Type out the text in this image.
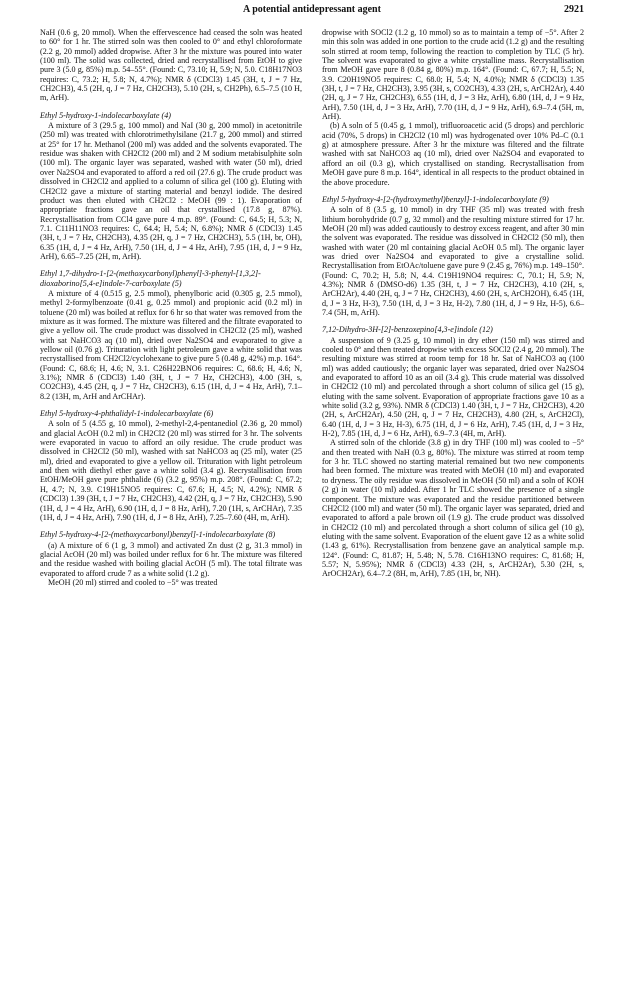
A potential antidepressant agent	2921
NaH (0.6 g, 20 mmol). When the effervescence had ceased the soln was heated to 60° for 1 hr. The stirred soln was then cooled to 0° and ethyl chloroformate (2.2 g, 20 mmol) added dropwise. After 3 hr the mixture was poured into water (100 ml). The solid was collected, dried and recrystallised from EtOH to give pure 3 (5.0 g, 85%) m.p. 54–55°. (Found: C, 73.10; H, 5.9; N, 5.0. C18H17NO3 requires: C, 73.2; H, 5.8; N, 4.7%); NMR δ (CDCl3) 1.45 (3H, t, J = 7 Hz, CH2CH3), 4.5 (2H, q, J = 7 Hz, CH2CH3), 5.10 (2H, s, CH2Ph), 6.5–7.5 (10 H, m, ArH).
Ethyl 5-hydroxy-1-indolecarboxylate (4)
A mixture of 3 (29.5 g, 100 mmol) and NaI (30 g, 200 mmol) in acetonitrile (250 ml) was treated with chlorotrimethylsilane (21.7 g, 200 mmol) and stirred at 25° for 17 hr. Methanol (200 ml) was added and the solvents evaporated. The residue was shaken with CH2Cl2 (200 ml) and 2 M sodium metabisulphite soln (100 ml). The organic layer was separated, washed with water (50 ml), dried over Na2SO4 and evaporated to afford a red oil (27.6 g). The crude product was dissolved in CH2Cl2 and applied to a column of silica gel (100 g). Eluting with CH2Cl2 gave a mixture of starting material and benzyl iodide. The desired product was then eluted with CH2Cl2 : MeOH (99 : 1). Evaporation of appropriate fractions gave an oil that crystallised (17.8 g, 87%). Recrystallisation from CCl4 gave pure 4 m.p. 89°. (Found: C, 64.5; H, 5.3; N, 7.1. C11H11NO3 requires: C, 64.4; H, 5.4; N, 6.8%); NMR δ (CDCl3) 1.45 (3H, t, J = 7 Hz, CH2CH3), 4.35 (2H, q, J = 7 Hz, CH2CH3), 5.5 (1H, br, OH), 6.35 (1H, d, J = 4 Hz, ArH), 7.50 (1H, d, J = 4 Hz, ArH), 7.95 (1H, d, J = 9 Hz, ArH), 6.65–7.25 (2H, m, ArH).
Ethyl 1,7-dihydro-1-[2-(methoxycarbonyl)phenyl]-3-phenyl-[1,3,2]-dioxaborino[5,4-e]indole-7-carboxylate (5)
A mixture of 4 (0.515 g, 2.5 mmol), phenylboric acid (0.305 g, 2.5 mmol), methyl 2-formylbenzoate (0.41 g, 0.25 mmol) and propionic acid (0.2 ml) in toluene (20 ml) was boiled at reflux for 6 hr so that water was removed from the mixture as it was formed. The mixture was filtered and the filtrate evaporated to give a yellow oil. The crude product was dissolved in CH2Cl2 (25 ml), washed with sat NaHCO3 aq (10 ml), dried over Na2SO4 and evaporated to give a yellow oil (0.76 g). Trituration with light petroleum gave a white solid that was recrystallised from CH2Cl2/cyclohexane to give pure 5 (0.48 g, 42%) m.p. 164°. (Found: C, 68.6; H, 4.6; N, 3.1. C26H22BNO6 requires: C, 68.6; H, 4.6; N, 3.1%); NMR δ (CDCl3) 1.40 (3H, t, J = 7 Hz, CH2CH3), 4.00 (3H, s, CO2CH3), 4.45 (2H, q, J = 7 Hz, CH2CH3), 6.15 (1H, d, J = 4 Hz, ArH), 7.1–8.2 (13H, m, ArH and ArCHAr).
Ethyl 5-hydroxy-4-phthalidyl-1-indolecarboxylate (6)
A soln of 5 (4.55 g, 10 mmol), 2-methyl-2,4-pentanediol (2.36 g, 20 mmol) and glacial AcOH (0.2 ml) in CH2Cl2 (20 ml) was stirred for 3 hr. The solvents were evaporated in vacuo to afford an oily residue. The crude product was dissolved in CH2Cl2 (50 ml), washed with sat NaHCO3 aq (25 ml), water (25 ml), dried and evaporated to give a yellow oil. Trituration with light petroleum and then with diethyl ether gave a white solid (3.4 g). Recrystallisation from EtOH/MeOH gave pure phthalide (6) (3.2 g, 95%) m.p. 208°. (Found: C, 67.2; H, 4.7; N, 3.9. C19H15NO5 requires: C, 67.6; H, 4.5; N, 4.2%); NMR δ (CDCl3) 1.39 (3H, t, J = 7 Hz, CH2CH3), 4.42 (2H, q, J = 7 Hz, CH2CH3), 5.90 (1H, d, J = 4 Hz, ArH), 6.90 (1H, d, J = 8 Hz, ArH), 7.20 (1H, s, ArCHAr), 7.35 (1H, d, J = 4 Hz, ArH), 7.90 (1H, d, J = 8 Hz, ArH), 7.25–7.60 (4H, m, ArH).
Ethyl 5-hydroxy-4-[2-(methoxycarbonyl)benzyl]-1-indolecarboxylate (8)
(a) A mixture of 6 (1 g, 3 mmol) and activated Zn dust (2 g, 31.3 mmol) in glacial AcOH (20 ml) was boiled under reflux for 6 hr. The mixture was filtered and the residue washed with boiling glacial AcOH (5 ml). The total filtrate was evaporated to afford crude 7 as a white solid (1.2 g).
MeOH (20 ml) stirred and cooled to −5° was treated
dropwise with SOCl2 (1.2 g, 10 mmol) so as to maintain a temp of −5°. After 2 min this soln was added in one portion to the crude acid (1.2 g) and the resulting soln stirred at room temp, following the reaction to completion by TLC (5 hr). The solvent was evaporated to give a white crystalline mass. Recrystallisation from MeOH gave pure 8 (0.84 g, 80%) m.p. 164°. (Found: C, 67.7; H, 5.5; N, 3.9. C20H19NO5 requires: C, 68.0; H, 5.4; N, 4.0%); NMR δ (CDCl3) 1.35 (3H, t, J = 7 Hz, CH2CH3), 3.95 (3H, s, CO2CH3), 4.33 (2H, s, ArCH2Ar), 4.40 (2H, q, J = 7 Hz, CH2CH3), 6.55 (1H, d, J = 3 Hz, ArH), 6.80 (1H, d, J = 9 Hz, ArH), 7.50 (1H, d, J = 3 Hz, ArH), 7.70 (1H, d, J = 9 Hz, ArH), 6.9–7.4 (5H, m, ArH).
(b) A soln of 5 (0.45 g, 1 mmol), trifluoroacetic acid (5 drops) and perchloric acid (70%, 5 drops) in CH2Cl2 (10 ml) was hydrogenated over 10% Pd–C (0.1 g) at atmosphere pressure. After 3 hr the mixture was filtered and the filtrate washed with sat NaHCO3 aq (10 ml), dried over Na2SO4 and evaporated to afford an oil (0.3 g), which crystallised on standing. Recrystallisation from MeOH gave pure 8 m.p. 164°, identical in all respects to the product obtained in the above procedure.
Ethyl 5-hydroxy-4-[2-(hydroxymethyl)benzyl]-1-indolecarboxylate (9)
A soln of 8 (3.5 g, 10 mmol) in dry THF (35 ml) was treated with fresh lithium borohydride (0.7 g, 32 mmol) and the resulting mixture stirred for 17 hr. MeOH (20 ml) was added cautiously to destroy excess reagent, and after 30 min the solvent was evaporated. The residue was dissolved in CH2Cl2 (50 ml), then washed with water (20 ml containing glacial AcOH 0.5 ml). The organic layer was dried over Na2SO4 and evaporated to give a crystalline solid. Recrystallisation from EtOAc/toluene gave pure 9 (2.45 g, 76%) m.p. 149–150°. (Found: C, 70.2; H, 5.8; N, 4.4. C19H19NO4 requires: C, 70.1; H, 5.9; N, 4.3%); NMR δ (DMSO-d6) 1.35 (3H, t, J = 7 Hz, CH2CH3), 4.10 (2H, s, ArCH2Ar), 4.40 (2H, q, J = 7 Hz, CH2CH3), 4.60 (2H, s, ArCH2OH), 6.45 (1H, d, J = 3 Hz, H-3), 7.50 (1H, d, J = 3 Hz, H-2), 7.80 (1H, d, J = 9 Hz, H-5), 6.6–7.4 (5H, m, ArH).
7,12-Dihydro-3H-[2]-benzoxepino[4,3-e]indole (12)
A suspension of 9 (3.25 g, 10 mmol) in dry ether (150 ml) was stirred and cooled to 0° and then treated dropwise with excess SOCl2 (2.4 g, 20 mmol). The resulting mixture was stirred at room temp for 18 hr. Sat of NaHCO3 aq (100 ml) was added cautiously; the organic layer was separated, dried over Na2SO4 and evaporated to afford 10 as an oil (3.4 g). This crude material was dissolved in CH2Cl2 (10 ml) and percolated through a short column of silica gel (15 g), eluting with the same solvent. Evaporation of appropriate fractions gave 10 as a white solid (3.2 g, 93%). NMR δ (CDCl3) 1.40 (3H, t, J = 7 Hz, CH2CH3), 4.20 (2H, s, ArCH2Ar), 4.50 (2H, q, J = 7 Hz, CH2CH3), 4.80 (2H, s, ArCH2Cl), 6.40 (1H, d, J = 3 Hz, H-3), 6.75 (1H, d, J = 6 Hz, ArH), 7.45 (1H, d, J = 3 Hz, H-2), 7.85 (1H, d, J = 6 Hz, ArH), 6.9–7.3 (4H, m, ArH).
A stirred soln of the chloride (3.8 g) in dry THF (100 ml) was cooled to −5° and then treated with NaH (0.3 g, 80%). The mixture was stirred at room temp for 3 hr. TLC showed no starting material remained but two new components had been formed. The mixture was treated with MeOH (10 ml) and evaporated to dryness. The oily residue was dissolved in MeOH (50 ml) and a soln of KOH (2 g) in water (10 ml) added. After 1 hr TLC showed the presence of a single component. The mixture was evaporated and the residue partitioned between CH2Cl2 (100 ml) and water (50 ml). The organic layer was separated, dried and evaporated to afford a pale brown oil (1.9 g). The crude product was dissolved in CH2Cl2 (10 ml) and percolated through a short column of silica gel (10 g), eluting with the same solvent. Evaporation of the eluent gave 12 as a white solid (1.43 g, 61%). Recrystallisation from benzene gave an analytical sample m.p. 124°. (Found: C, 81.87; H, 5.48; N, 5.78. C16H13NO requires: C, 81.68; H, 5.57; N, 5.95%); NMR δ (CDCl3) 4.33 (2H, s, ArCH2Ar), 5.30 (2H, s, ArOCH2Ar), 6.4–7.2 (8H, m, ArH), 7.85 (1H, br, NH).
